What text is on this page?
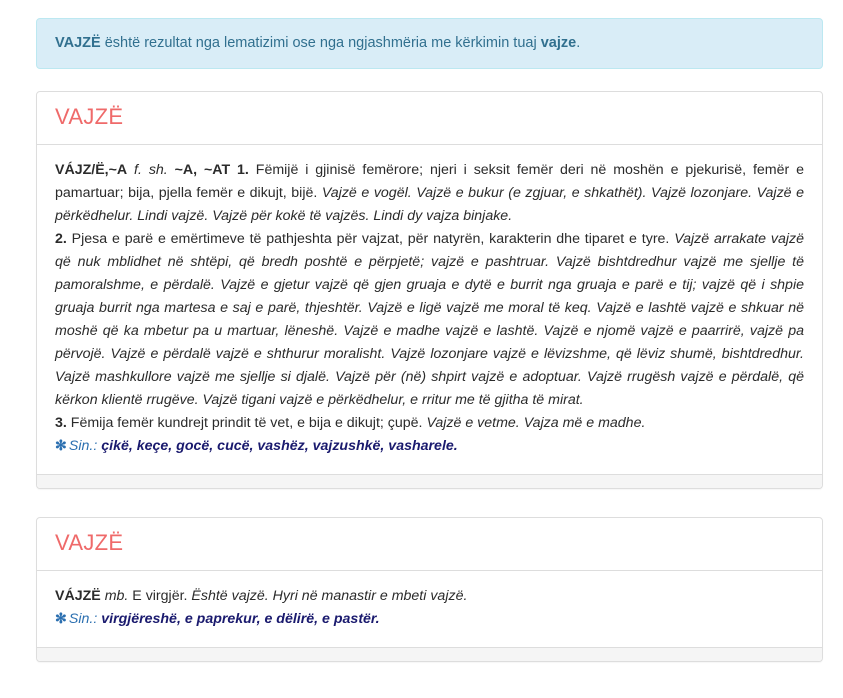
VAJZË është rezultat nga lematizimi ose nga ngjashmëria me kërkimin tuaj vajze.
VAJZË

VÁJZ/Ë,~A f. sh. ~A, ~AT 1. Fëmijë i gjinisë femërore; njeri i seksit femër deri në moshën e pjekurisë, femër e pamartuar; bija, pjella femër e dikujt, bijë. Vajzë e vogël. Vajzë e bukur (e zgjuar, e shkathët). Vajzë lozonjare. Vajzë e përkëdhelur. Lindi vajzë. Vajzë për kokë të vajzës. Lindi dy vajza binjake.
2. Pjesa e parë e emërtimeve të pathjeshta për vajzat, për natyrën, karakterin dhe tiparet e tyre. Vajzë arrakate vajzë që nuk mblidhet në shtëpi, që bredh poshtë e përpjetë; vajzë e pashtruar. Vajzë bishtdredhur vajzë me sjellje të pamoralshme, e përdalë. Vajzë e gjetur vajzë që gjen gruaja e dytë e burrit nga gruaja e parë e tij; vajzë që i shpie gruaja burrit nga martesa e saj e parë, thjeshtër. Vajzë e ligë vajzë me moral të keq. Vajzë e lashtë vajzë e shkuar në moshë që ka mbetur pa u martuar, lëneshë. Vajzë e madhe vajzë e lashtë. Vajzë e njomë vajzë e paarrirë, vajzë pa përvojë. Vajzë e përdalë vajzë e shthurur moralisht. Vajzë lozonjare vajzë e lëvizshme, që lëviz shumë, bishtdredhur. Vajzë mashkullore vajzë me sjellje si djalë. Vajzë për (në) shpirt vajzë e adoptuar. Vajzë rrugësh vajzë e përdalë, që kërkon klientë rrugëve. Vajzë tigani vajzë e përkëdhelur, e rritur me të gjitha të mirat.
3. Fëmija femër kundrejt prindit të vet, e bija e dikujt; çupë. Vajzë e vetme. Vajza më e madhe.

✻ Sin.: çikë, keçe, gocë, cucë, vashëz, vajzushkë, vasharele.

VAJZË

VÁJZË mb. E virgjër. Është vajzë. Hyri në manastir e mbeti vajzë.

✻ Sin.: virgjëreshë, e paprekur, e dëlirë, e pastër.
